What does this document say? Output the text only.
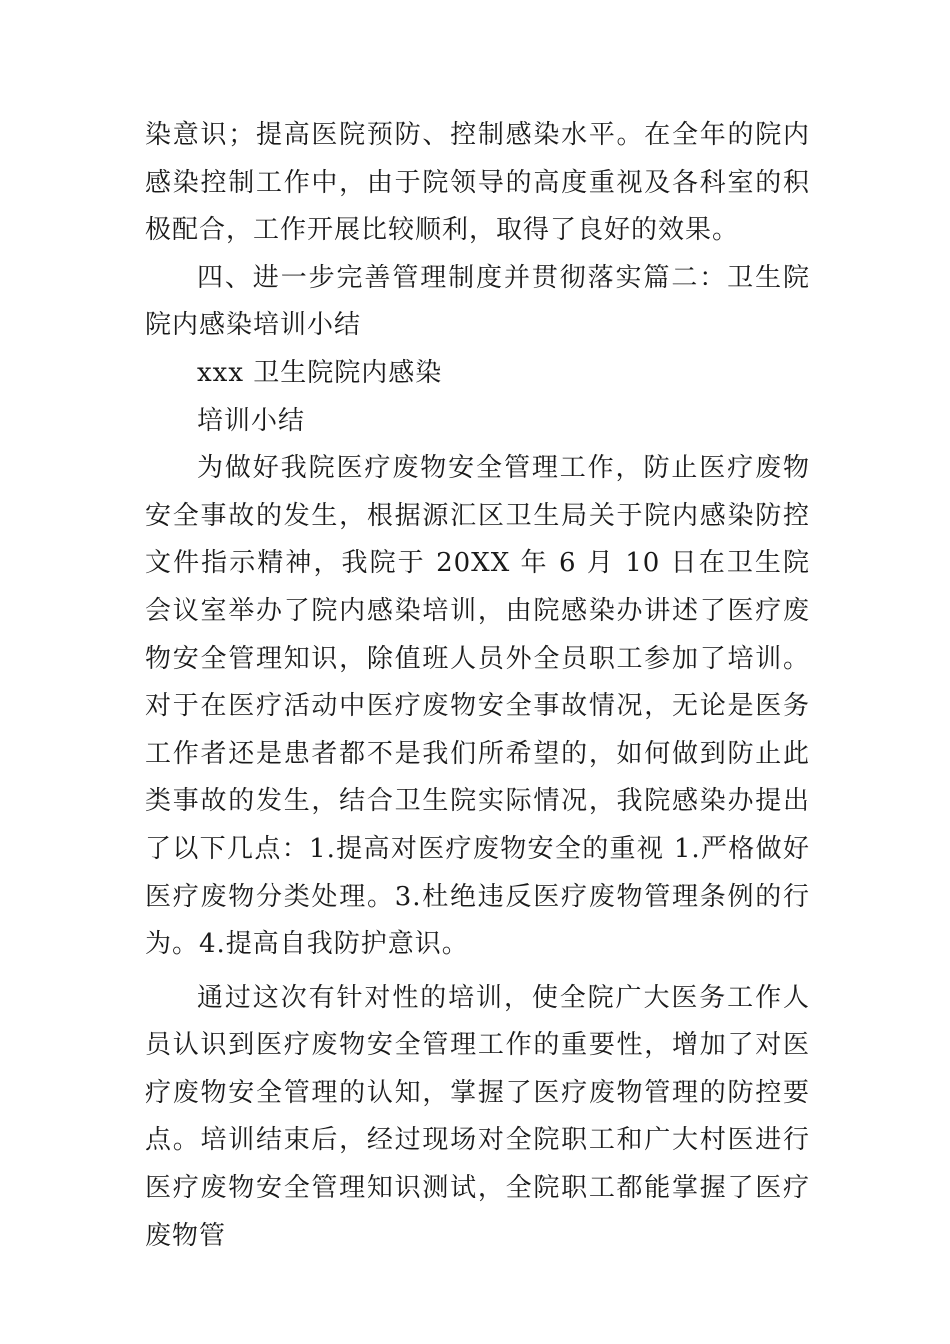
染意识；提高医院预防、控制感染水平。在全年的院内感染控制工作中，由于院领导的高度重视及各科室的积极配合，工作开展比较顺利，取得了良好的效果。

四、进一步完善管理制度并贯彻落实篇二：卫生院院内感染培训小结

xxx 卫生院院内感染

培训小结

为做好我院医疗废物安全管理工作，防止医疗废物安全事故的发生，根据源汇区卫生局关于院内感染防控文件指示精神，我院于 20XX 年 6 月 10 日在卫生院会议室举办了院内感染培训，由院感染办讲述了医疗废物安全管理知识，除值班人员外全员职工参加了培训。 对于在医疗活动中医疗废物安全事故情况，无论是医务工作者还是患者都不是我们所希望的，如何做到防止此类事故的发生，结合卫生院实际情况，我院感染办提出了以下几点：1.提高对医疗废物安全的重视 1.严格做好医疗废物分类处理。3.杜绝违反医疗废物管理条例的行为。4.提高自我防护意识。

通过这次有针对性的培训，使全院广大医务工作人员认识到医疗废物安全管理工作的重要性，增加了对医疗废物安全管理的认知，掌握了医疗废物管理的防控要点。培训结束后，经过现场对全院职工和广大村医进行医疗废物安全管理知识测试，全院职工都能掌握了医疗废物管
